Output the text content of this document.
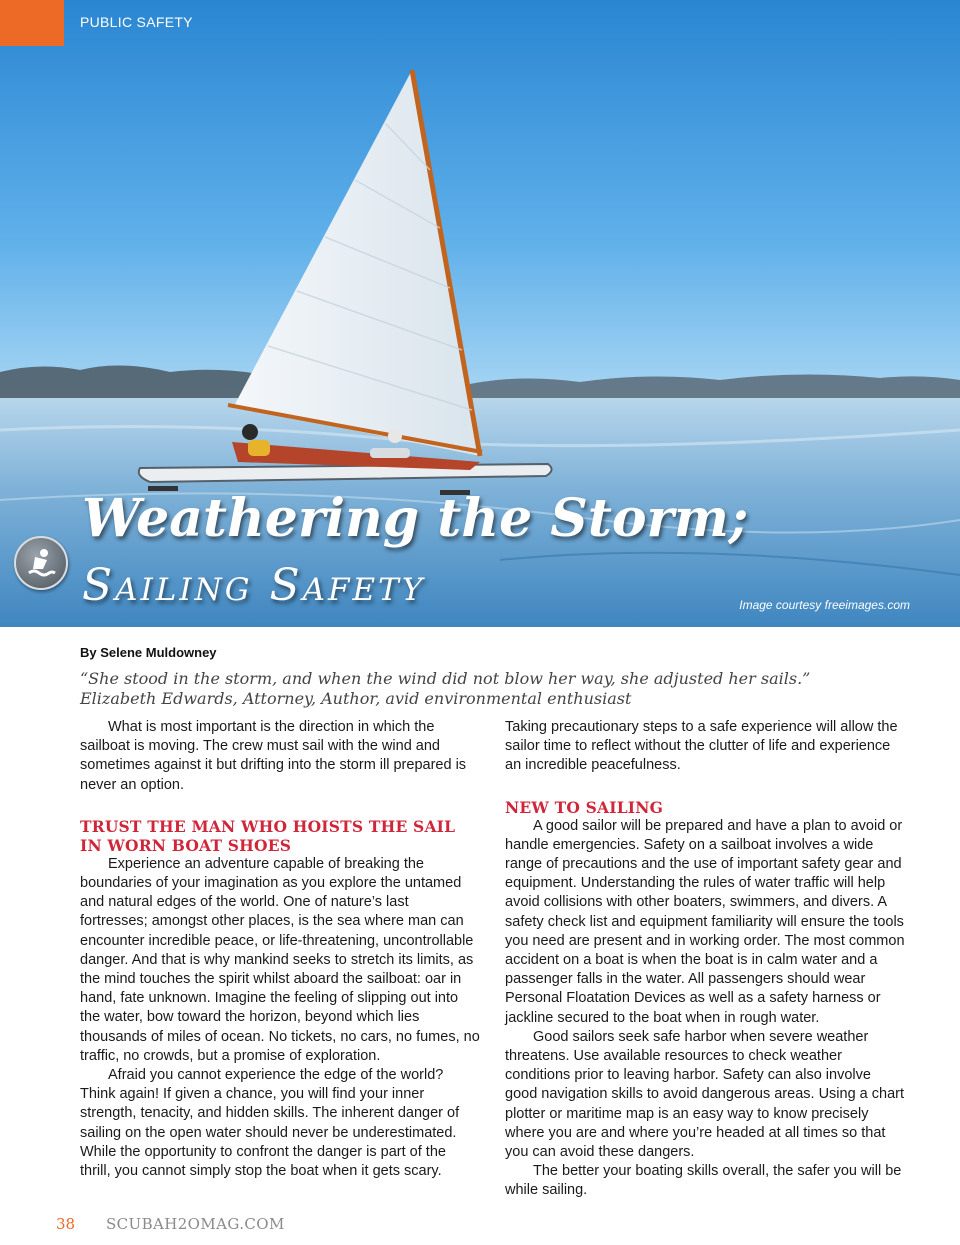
PUBLIC SAFETY
Weathering the Storm;
Sailing Safety	Image courtesy freeimages.com
By Selene Muldowney
“She stood in the storm, and when the wind did not blow her way, she adjusted her sails.”
Elizabeth Edwards, Attorney, Author, avid environmental enthusiast

What is most important is the direction in which the sailboat is moving. The crew must sail with the wind and sometimes against it but drifting into the storm ill prepared is never an option.

TRUST THE MAN WHO HOISTS THE SAIL IN WORN BOAT SHOES

Experience an adventure capable of breaking the boundaries of your imagination as you explore the untamed and natural edges of the world. One of nature’s last fortresses; amongst other places, is the sea where man can encounter incredible peace, or life-threatening, uncontrollable danger. And that is why mankind seeks to stretch its limits, as the mind touches the spirit whilst aboard the sailboat: oar in hand, fate unknown. Imagine the feeling of slipping out into the water, bow toward the horizon, beyond which lies thousands of miles of ocean. No tickets, no cars, no fumes, no traffic, no crowds, but a promise of exploration.

Afraid you cannot experience the edge of the world? Think again! If given a chance, you will find your inner strength, tenacity, and hidden skills. The inherent danger of sailing on the open water should never be underestimated. While the opportunity to confront the danger is part of the thrill, you cannot simply stop the boat when it gets scary.

Taking precautionary steps to a safe experience will allow the sailor time to reflect without the clutter of life and experience an incredible peacefulness.

NEW TO SAILING

A good sailor will be prepared and have a plan to avoid or handle emergencies. Safety on a sailboat involves a wide range of precautions and the use of important safety gear and equipment. Understanding the rules of water traffic will help avoid collisions with other boaters, swimmers, and divers. A safety check list and equipment familiarity will ensure the tools you need are present and in working order. The most common accident on a boat is when the boat is in calm water and a passenger falls in the water. All passengers should wear Personal Floatation Devices as well as a safety harness or jackline secured to the boat when in rough water.

Good sailors seek safe harbor when severe weather threatens. Use available resources to check weather conditions prior to leaving harbor. Safety can also involve good navigation skills to avoid dangerous areas. Using a chart plotter or maritime map is an easy way to know precisely where you are and where you’re headed at all times so that you can avoid these dangers.

The better your boating skills overall, the safer you will be while sailing.

38 SCUBAH2OMAG.COM
